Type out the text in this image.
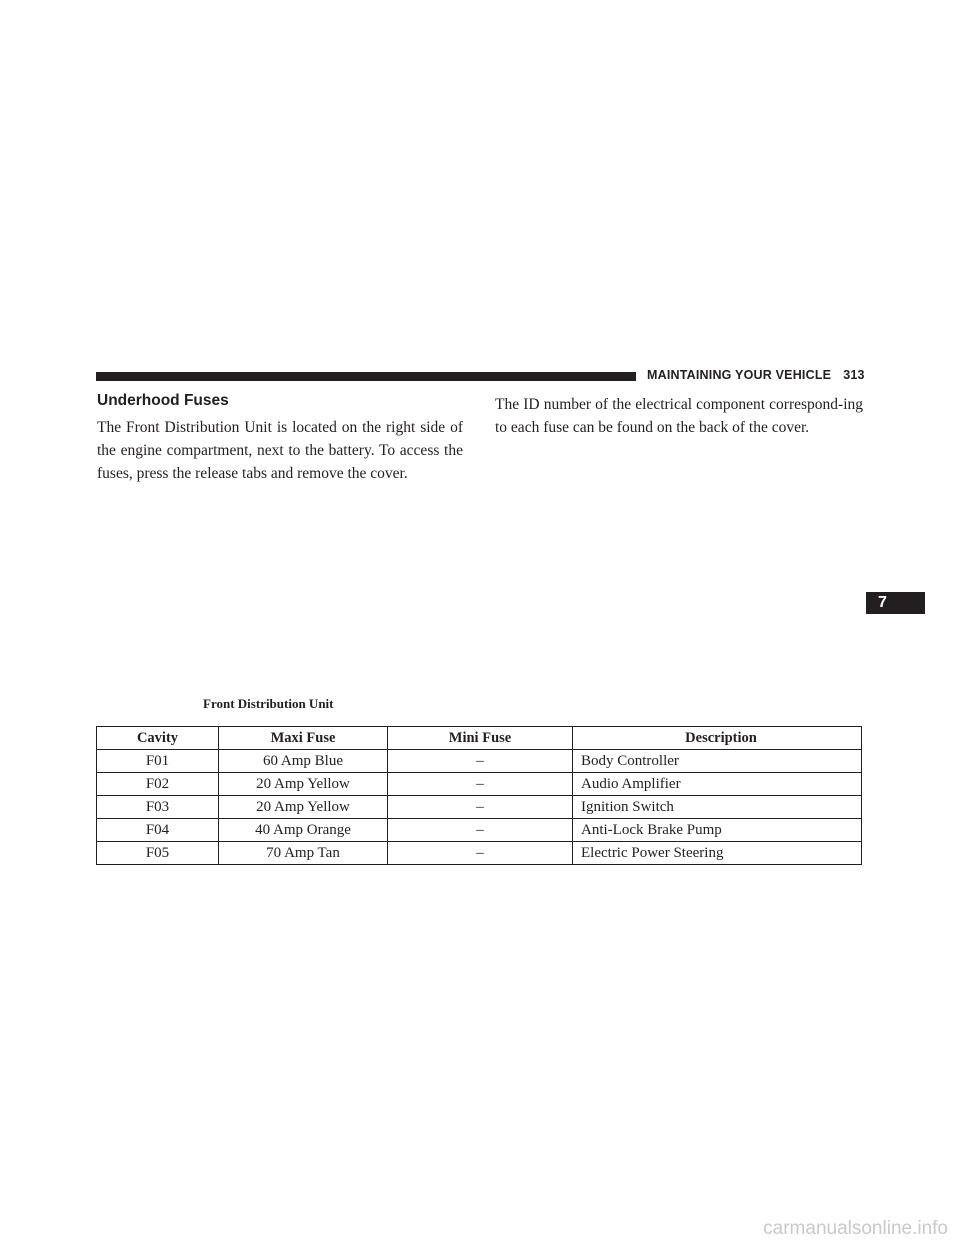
MAINTAINING YOUR VEHICLE 313
Underhood Fuses

The Front Distribution Unit is located on the right side of the engine compartment, next to the battery. To access the fuses, press the release tabs and remove the cover.

The ID number of the electrical component correspond-ing to each fuse can be found on the back of the cover.

7
Front Distribution Unit
Cavity	Maxi Fuse	Mini Fuse	Description
F01	60 Amp Blue	–	Body Controller
F02	20 Amp Yellow	–	Audio Amplifier
F03	20 Amp Yellow	–	Ignition Switch
F04	40 Amp Orange	–	Anti-Lock Brake Pump
F05	70 Amp Tan	–	Electric Power Steering
carmanualsonline.info
